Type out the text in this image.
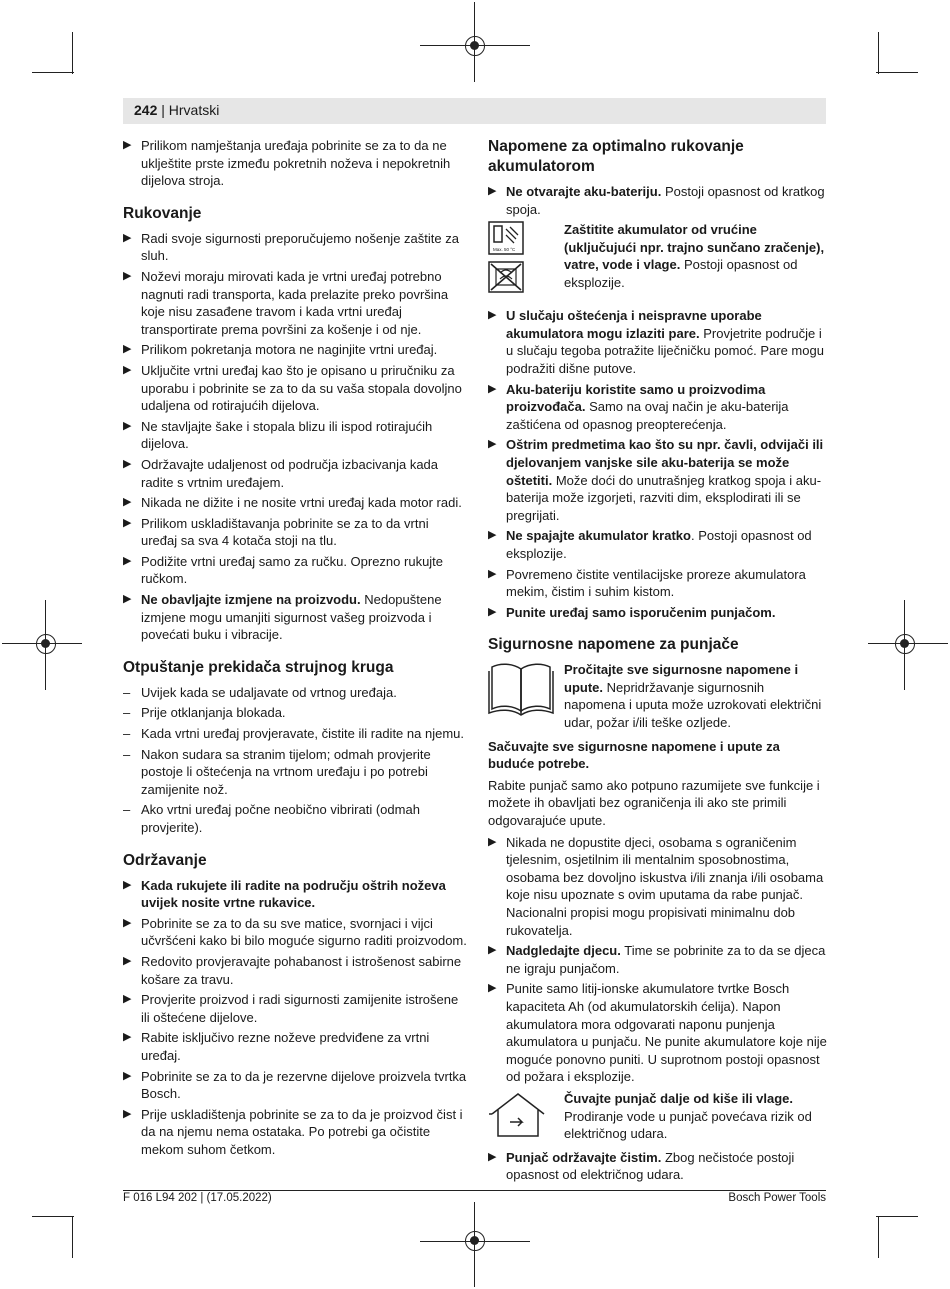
242 | Hrvatski
▶ Prilikom namještanja uređaja pobrinite se za to da ne uklještite prste između pokretnih noževa i nepokretnih dijelova stroja.
Rukovanje
▶ Radi svoje sigurnosti preporučujemo nošenje zaštite za sluh.
▶ Noževi moraju mirovati kada je vrtni uređaj potrebno nagnuti radi transporta, kada prelazite preko površina koje nisu zasađene travom i kada vrtni uređaj transportirate prema površini za košenje i od nje.
▶ Prilikom pokretanja motora ne naginjite vrtni uređaj.
▶ Uključite vrtni uređaj kao što je opisano u priručniku za uporabu i pobrinite se za to da su vaša stopala dovoljno udaljena od rotirajućih dijelova.
▶ Ne stavljajte šake i stopala blizu ili ispod rotirajućih dijelova.
▶ Održavajte udaljenost od područja izbacivanja kada radite s vrtnim uređajem.
▶ Nikada ne dižite i ne nosite vrtni uređaj kada motor radi.
▶ Prilikom uskladištavanja pobrinite se za to da vrtni uređaj sa sva 4 kotača stoji na tlu.
▶ Podižite vrtni uređaj samo za ručku. Oprezno rukujte ručkom.
▶ Ne obavljajte izmjene na proizvodu. Nedopuštene izmjene mogu umanjiti sigurnost vašeg proizvoda i povećati buku i vibracije.
Otpuštanje prekidača strujnog kruga
– Uvijek kada se udaljavate od vrtnog uređaja.
– Prije otklanjanja blokada.
– Kada vrtni uređaj provjeravate, čistite ili radite na njemu.
– Nakon sudara sa stranim tijelom; odmah provjerite postoje li oštećenja na vrtnom uređaju i po potrebi zamijenite nož.
– Ako vrtni uređaj počne neobično vibrirati (odmah provjerite).
Održavanje
▶ Kada rukujete ili radite na području oštrih noževa uvijek nosite vrtne rukavice.
▶ Pobrinite se za to da su sve matice, svornjaci i vijci učvršćeni kako bi bilo moguće sigurno raditi proizvodom.
▶ Redovito provjeravajte pohabanost i istrošenost sabirne košare za travu.
▶ Provjerite proizvod i radi sigurnosti zamijenite istrošene ili oštećene dijelove.
▶ Rabite isključivo rezne noževe predviđene za vrtni uređaj.
▶ Pobrinite se za to da je rezervne dijelove proizvela tvrtka Bosch.
▶ Prije uskladištenja pobrinite se za to da je proizvod čist i da na njemu nema ostataka. Po potrebi ga očistite mekom suhom četkom.
Napomene za optimalno rukovanje akumulatorom
▶ Ne otvarajte aku-bateriju. Postoji opasnost od kratkog spoja.
Max. 50 °C
Zaštitite akumulator od vrućine (uključujući npr. trajno sunčano zračenje), vatre, vode i vlage. Postoji opasnost od eksplozije.
▶ U slučaju oštećenja i neispravne uporabe akumulatora mogu izlaziti pare. Provjetrite područje i u slučaju tegoba potražite liječničku pomoć. Pare mogu podražiti dišne putove.
▶ Aku-bateriju koristite samo u proizvodima proizvođača. Samo na ovaj način je aku-baterija zaštićena od opasnog preopterećenja.
▶ Oštrim predmetima kao što su npr. čavli, odvijači ili djelovanjem vanjske sile aku-baterija se može oštetiti. Može doći do unutrašnjeg kratkog spoja i aku-baterija može izgorjeti, razviti dim, eksplodirati ili se pregrijati.
▶ Ne spajajte akumulator kratko. Postoji opasnost od eksplozije.
▶ Povremeno čistite ventilacijske proreze akumulatora mekim, čistim i suhim kistom.
▶ Punite uređaj samo isporučenim punjačom.
Sigurnosne napomene za punjače
Pročitajte sve sigurnosne napomene i upute. Nepridržavanje sigurnosnih napomena i uputa može uzrokovati električni udar, požar i/ili teške ozljede.
Sačuvajte sve sigurnosne napomene i upute za buduće potrebe.
Rabite punjač samo ako potpuno razumijete sve funkcije i možete ih obavljati bez ograničenja ili ako ste primili odgovarajuće upute.
▶ Nikada ne dopustite djeci, osobama s ograničenim tjelesnim, osjetilnim ili mentalnim sposobnostima, osobama bez dovoljno iskustva i/ili znanja i/ili osobama koje nisu upoznate s ovim uputama da rabe punjač. Nacionalni propisi mogu propisivati minimalnu dob rukovatelja.
▶ Nadgledajte djecu. Time se pobrinite za to da se djeca ne igraju punjačom.
▶ Punite samo litij-ionske akumulatore tvrtke Bosch kapaciteta Ah (od akumulatorskih ćelija). Napon akumulatora mora odgovarati naponu punjenja akumulatora u punjaču. Ne punite akumulatore koje nije moguće ponovno puniti. U suprotnom postoji opasnost od požara i eksplozije.
Čuvajte punjač dalje od kiše ili vlage. Prodiranje vode u punjač povećava rizik od električnog udara.
▶ Punjač održavajte čistim. Zbog nečistoće postoji opasnost od električnog udara.
F 016 L94 202 | (17.05.2022)	Bosch Power Tools
